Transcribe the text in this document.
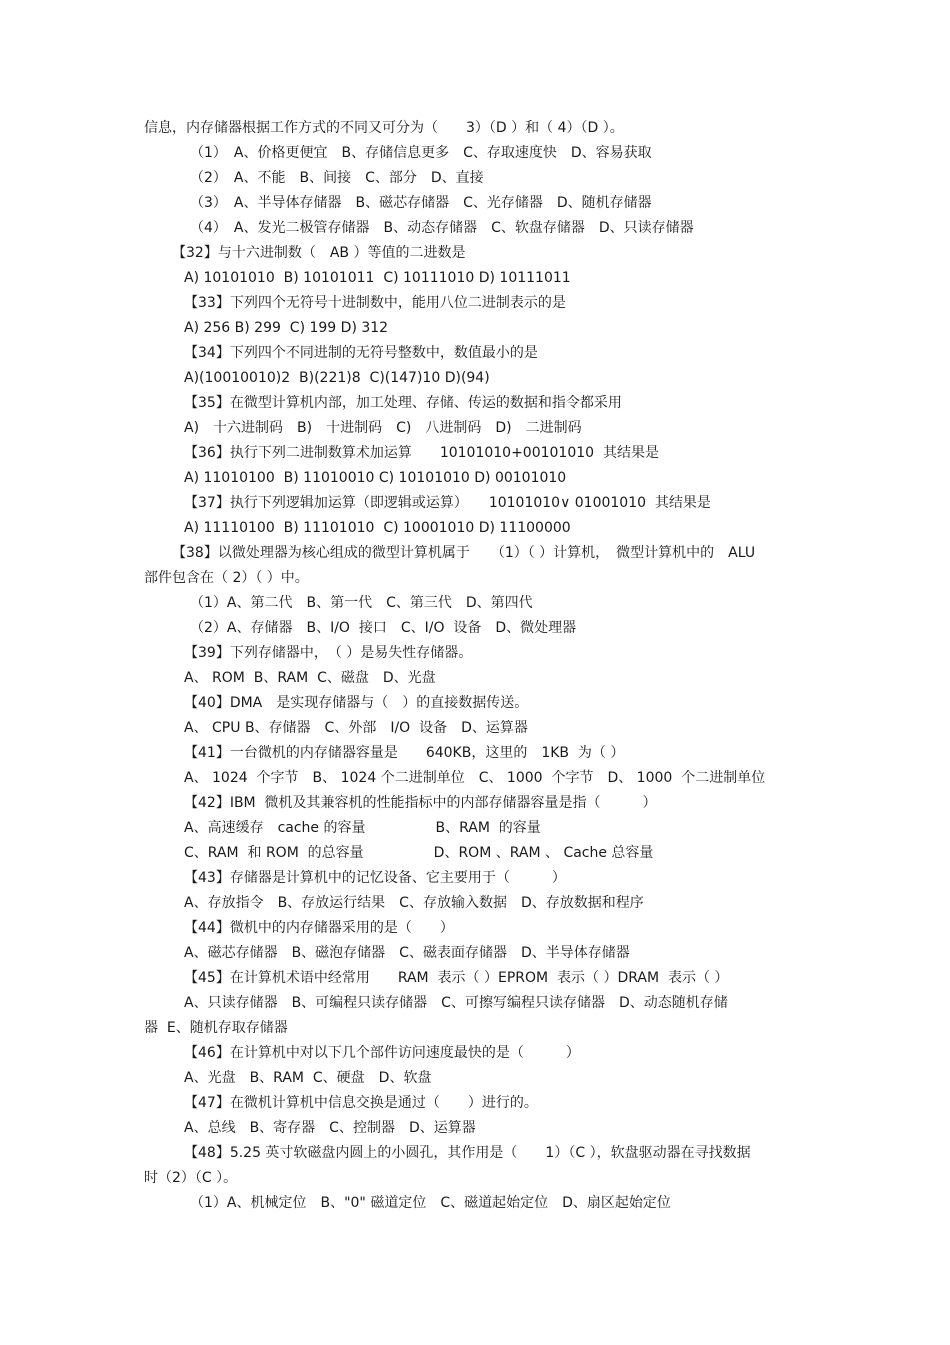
信息，内存储器根据工作方式的不同又可分为（　　3）（D ）和（ 4）（D ）。
（1）　A、价格更便宜　B、存储信息更多　C、存取速度快　D、容易获取
（2）　A、不能　B、间接　C、部分　D、直接
（3）　A、半导体存储器　B、磁芯存储器　C、光存储器　D、随机存储器
（4）　A、发光二极管存储器　B、动态存储器　C、软盘存储器　D、只读存储器
【32】与十六进制数（　AB ）等值的二进数是
A) 10101010  B) 10101011  C) 10111010 D) 10111011
【33】下列四个无符号十进制数中，能用八位二进制表示的是
A) 256 B) 299  C) 199 D) 312
【34】下列四个不同进制的无符号整数中，数值最小的是
A)(10010010)2  B)(221)8  C)(147)10 D)(94)
【35】在微型计算机内部，加工处理、存储、传运的数据和指令都采用
A)　十六进制码　B)　十进制码　C)　八进制码　D)　二进制码
【36】执行下列二进制数算术加运算　　10101010+00101010  其结果是
A) 11010100  B) 11010010 C) 10101010 D) 00101010
【37】执行下列逻辑加运算（即逻辑或运算）　　10101010∨ 01001010  其结果是
A) 11110100  B) 11101010  C) 10001010 D) 11100000
【38】以微处理器为核心组成的微型计算机属于　　（1）（ ）计算机，　微型计算机中的　ALU
部件包含在（ 2）（ ）中。
（1）A、第二代　B、第一代　C、第三代　D、第四代
（2）A、存储器　B、I/O  接口　C、I/O  设备　D、微处理器
【39】下列存储器中，　（ ）是易失性存储器。
A、 ROM  B、RAM  C、磁盘　D、光盘
【40】DMA　是实现存储器与（　）的直接数据传送。
A、 CPU B、存储器　C、外部　I/O  设备　D、运算器
【41】一台微机的内存储器容量是　　640KB，这里的　1KB  为（ ）
A、 1024  个字节　B、 1024 个二进制单位　C、 1000  个字节　D、 1000  个二进制单位
【42】IBM  微机及其兼容机的性能指标中的内部存储器容量是指（　　　）
A、高速缓存　cache 的容量　　　　　B、RAM  的容量
C、RAM  和 ROM  的总容量　　　　　D、ROM 、RAM 、 Cache 总容量
【43】存储器是计算机中的记忆设备、它主要用于（　　　）
A、存放指令　B、存放运行结果　C、存放输入数据　D、存放数据和程序
【44】微机中的内存储器采用的是（　　）
A、磁芯存储器　B、磁泡存储器　C、磁表面存储器　D、半导体存储器
【45】在计算机术语中经常用　　RAM  表示（ ）EPROM  表示（ ）DRAM  表示（ ）
A、只读存储器　B、可编程只读存储器　C、可擦写编程只读存储器　D、动态随机存储
器  E、随机存取存储器
【46】在计算机中对以下几个部件访问速度最快的是（　　　）
A、光盘　B、RAM  C、硬盘　D、软盘
【47】在微机计算机中信息交换是通过（　　）进行的。
A、总线　B、寄存器　C、控制器　D、运算器
【48】5.25 英寸软磁盘内圆上的小圆孔，其作用是（　　1）（C ），软盘驱动器在寻找数据
时（2）（C ）。
（1）A、机械定位　B、"0" 磁道定位　C、磁道起始定位　D、扇区起始定位
